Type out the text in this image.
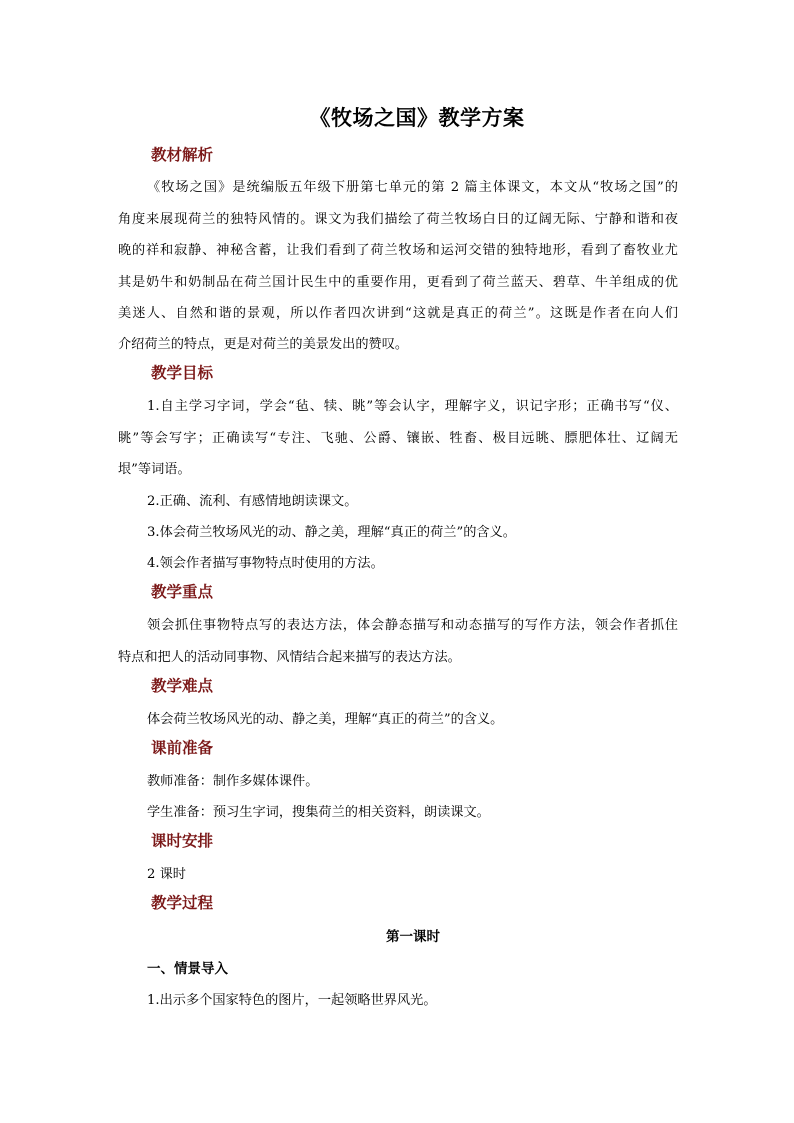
《牧场之国》教学方案
教材解析
《牧场之国》是统编版五年级下册第七单元的第 2 篇主体课文，本文从“牧场之国”的
角度来展现荷兰的独特风情的。课文为我们描绘了荷兰牧场白日的辽阔无际、宁静和谐和夜
晚的祥和寂静、神秘含蓄，让我们看到了荷兰牧场和运河交错的独特地形，看到了畜牧业尤
其是奶牛和奶制品在荷兰国计民生中的重要作用，更看到了荷兰蓝天、碧草、牛羊组成的优
美迷人、自然和谐的景观，所以作者四次讲到“这就是真正的荷兰”。这既是作者在向人们
介绍荷兰的特点，更是对荷兰的美景发出的赞叹。
教学目标
1.自主学习字词，学会“毡、犊、眺”等会认字，理解字义，识记字形；正确书写“仪、
眺”等会写字；正确读写“专注、飞驰、公爵、镶嵌、牲畜、极目远眺、膘肥体壮、辽阔无
垠”等词语。
2.正确、流利、有感情地朗读课文。
3.体会荷兰牧场风光的动、静之美，理解“真正的荷兰”的含义。
4.领会作者描写事物特点时使用的方法。
教学重点
领会抓住事物特点写的表达方法，体会静态描写和动态描写的写作方法，领会作者抓住
特点和把人的活动同事物、风情结合起来描写的表达方法。
教学难点
体会荷兰牧场风光的动、静之美，理解“真正的荷兰”的含义。
课前准备
教师准备：制作多媒体课件。
学生准备：预习生字词，搜集荷兰的相关资料，朗读课文。
课时安排
2 课时
教学过程
第一课时
一、情景导入
1.出示多个国家特色的图片，一起领略世界风光。
